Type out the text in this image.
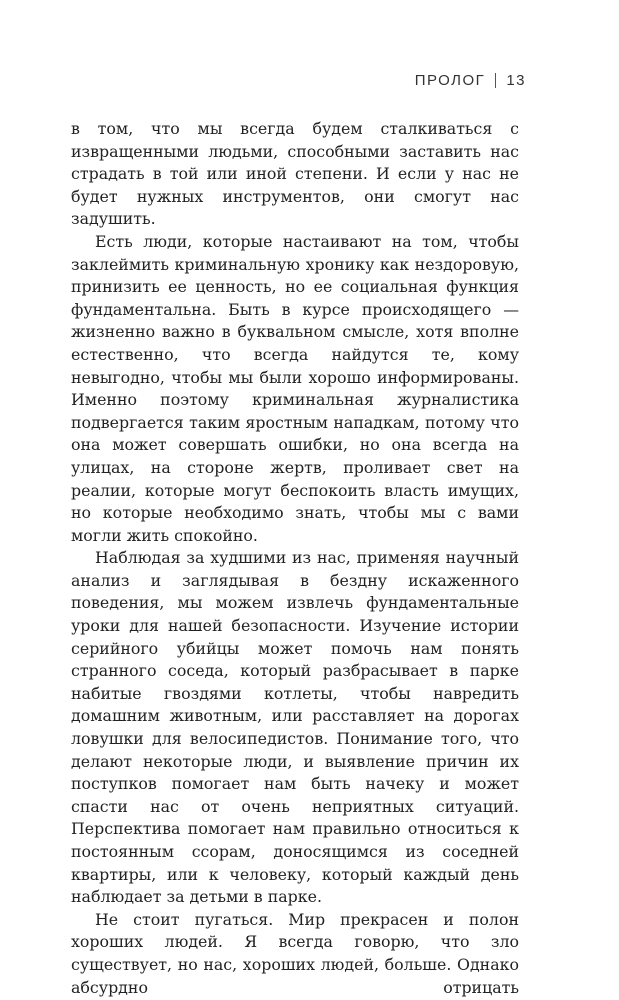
ПРОЛОГ 13

в том, что мы всегда будем сталкиваться с извращенными людьми, способными заставить нас страдать в той или иной степени. И если у нас не будет нужных инструментов, они смогут нас задушить.

Есть люди, которые настаивают на том, чтобы заклеймить криминальную хронику как нездоровую, принизить ее ценность, но ее социальная функция фундаментальна. Быть в курсе происходящего — жизненно важно в буквальном смысле, хотя вполне естественно, что всегда найдутся те, кому невыгодно, чтобы мы были хорошо информированы. Именно поэтому криминальная журналистика подвергается таким яростным нападкам, потому что она может совершать ошибки, но она всегда на улицах, на стороне жертв, проливает свет на реалии, которые могут беспокоить власть имущих, но которые необходимо знать, чтобы мы с вами могли жить спокойно.

Наблюдая за худшими из нас, применяя научный анализ и заглядывая в бездну искаженного поведения, мы можем извлечь фундаментальные уроки для нашей безопасности. Изучение истории серийного убийцы может помочь нам понять странного соседа, который разбрасывает в парке набитые гвоздями котлеты, чтобы навредить домашним животным, или расставляет на дорогах ловушки для велосипедистов. Понимание того, что делают некоторые люди, и выявление причин их поступков помогает нам быть начеку и может спасти нас от очень неприятных ситуаций. Перспектива помогает нам правильно относиться к постоянным ссорам, доносящимся из соседней квартиры, или к человеку, который каждый день наблюдает за детьми в парке.

Не стоит пугаться. Мир прекрасен и полон хороших людей. Я всегда говорю, что зло существует, но нас, хороших людей, больше. Однако абсурдно отрицать
